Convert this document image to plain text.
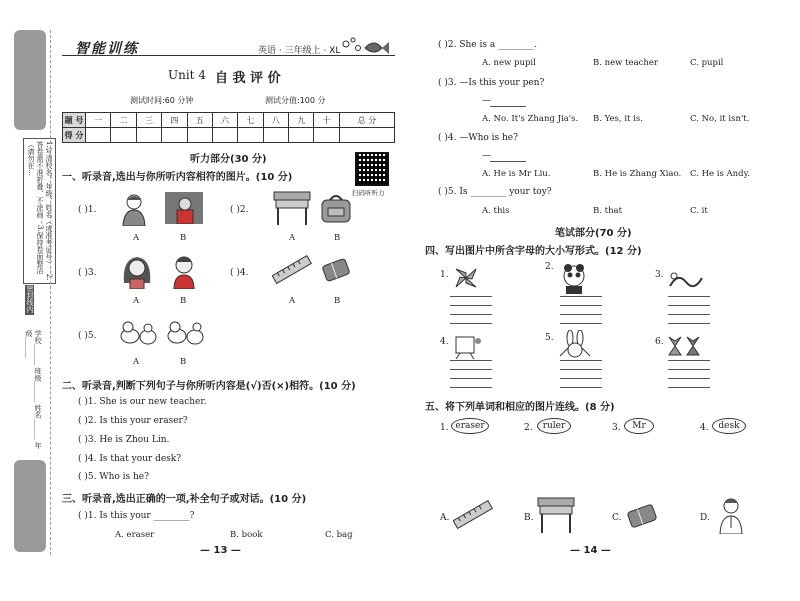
1.写清校名、年级、姓名（或准考证号）；2.答卷需不准折叠、不涂画；3.保持卷面整洁（请勿在…
密封线内
学校______ 班级______ 姓名______ 年级______
智能训练	英语 · 三年级上 · XL
Unit 4 自 我 评 价
测试时间:60 分钟	测试分值:100 分
题 号	一	二	三	四	五	六	七	八	九	十	总 分
得 分											
听力部分(30 分)
扫码听听力
一、听录音,选出与你所听内容相符的图片。(10 分)
( )1.
A	B
( )2.
A	B
( )3.
A	B
( )4.
A	B
( )5.
A	B
二、听录音,判断下列句子与你所听内容是(√)否(×)相符。(10 分)
( )1. She is our new teacher.
( )2. Is this your eraser?
( )3. He is Zhou Lin.
( )4. Is that your desk?
( )5. Who is he?
三、听录音,选出正确的一项,补全句子或对话。(10 分)
( )1. Is this your ________?
A. eraser	B. book	C. bag
— 13 —
( )2. She is a ________.
A. new pupil	B. new teacher	C. pupil
( )3. —Is this your pen?
—
A. No. It's Zhang Jia's. B. Yes, it is.	C. No, it isn't.
( )4. —Who is he?
—
A. He is Mr Liu.	B. He is Zhang Xiao. C. He is Andy.
( )5. Is ________ your toy?
A. this	B. that	C. it
笔试部分(70 分)
四、写出图片中所含字母的大小写形式。(12 分)
1.
2.
3.
4.	5.	6.
五、将下列单词和相应的图片连线。(8 分)
1. eraser	2.	ruler	3.	Mr	4.	desk
A.	B.	C.	D.
— 14 —
